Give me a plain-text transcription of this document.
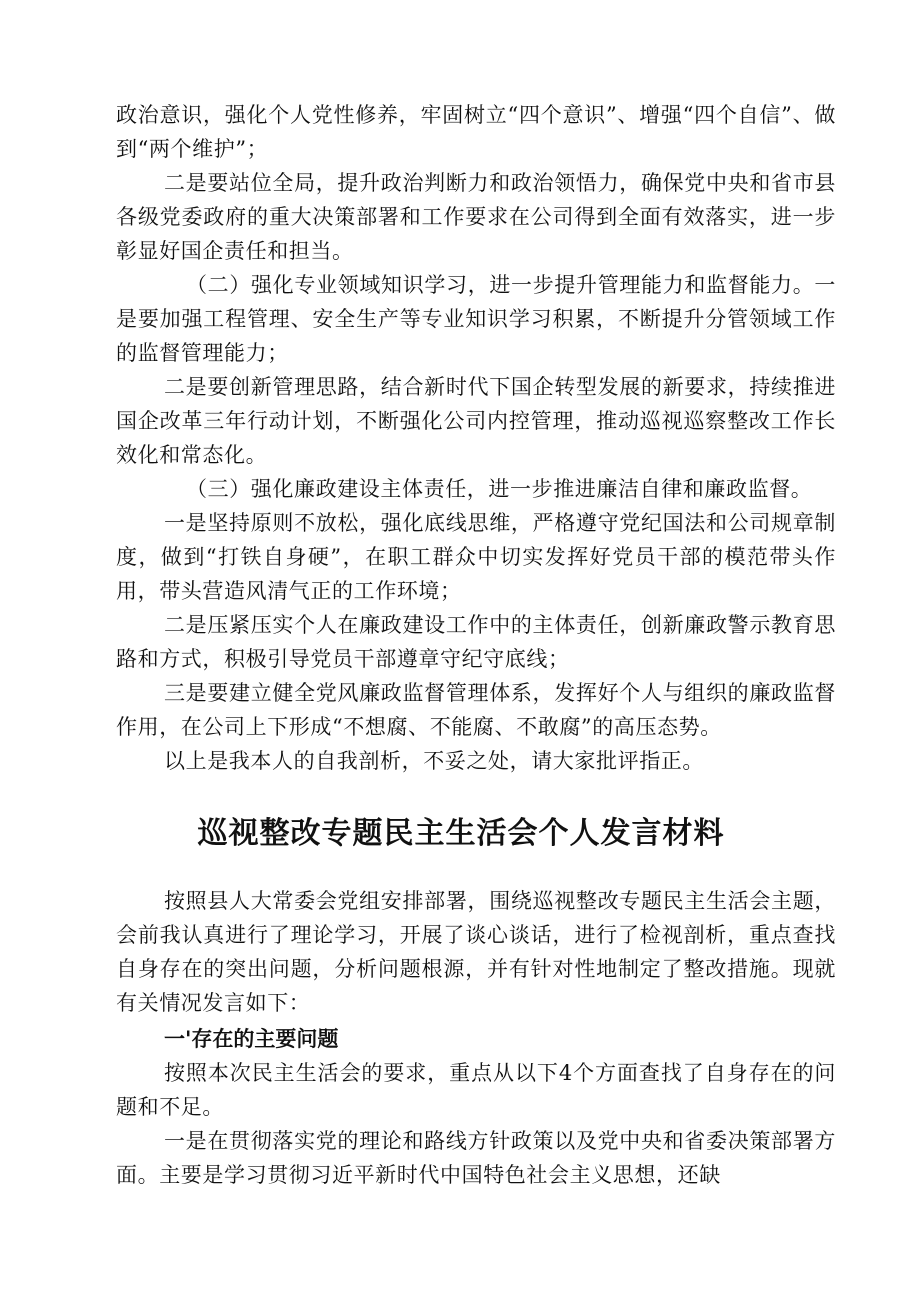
政治意识，强化个人党性修养，牢固树立“四个意识”、增强“四个自信”、做到“两个维护”；

二是要站位全局，提升政治判断力和政治领悟力，确保党中央和省市县各级党委政府的重大决策部署和工作要求在公司得到全面有效落实，进一步彰显好国企责任和担当。

（二）强化专业领域知识学习，进一步提升管理能力和监督能力。一是要加强工程管理、安全生产等专业知识学习积累，不断提升分管领域工作的监督管理能力；

二是要创新管理思路，结合新时代下国企转型发展的新要求，持续推进国企改革三年行动计划，不断强化公司内控管理，推动巡视巡察整改工作长效化和常态化。

（三）强化廉政建设主体责任，进一步推进廉洁自律和廉政监督。

一是坚持原则不放松，强化底线思维，严格遵守党纪国法和公司规章制度，做到“打铁自身硬”，在职工群众中切实发挥好党员干部的模范带头作用，带头营造风清气正的工作环境；

二是压紧压实个人在廉政建设工作中的主体责任，创新廉政警示教育思路和方式，积极引导党员干部遵章守纪守底线；

三是要建立健全党风廉政监督管理体系，发挥好个人与组织的廉政监督作用，在公司上下形成“不想腐、不能腐、不敢腐”的高压态势。

以上是我本人的自我剖析，不妥之处，请大家批评指正。

巡视整改专题民主生活会个人发言材料

按照县人大常委会党组安排部署，围绕巡视整改专题民主生活会主题，会前我认真进行了理论学习，开展了谈心谈话，进行了检视剖析，重点查找自身存在的突出问题，分析问题根源，并有针对性地制定了整改措施。现就有关情况发言如下：

一'存在的主要问题

按照本次民主生活会的要求，重点从以下4个方面查找了自身存在的问题和不足。

一是在贯彻落实党的理论和路线方针政策以及党中央和省委决策部署方面。主要是学习贯彻习近平新时代中国特色社会主义思想，还缺
